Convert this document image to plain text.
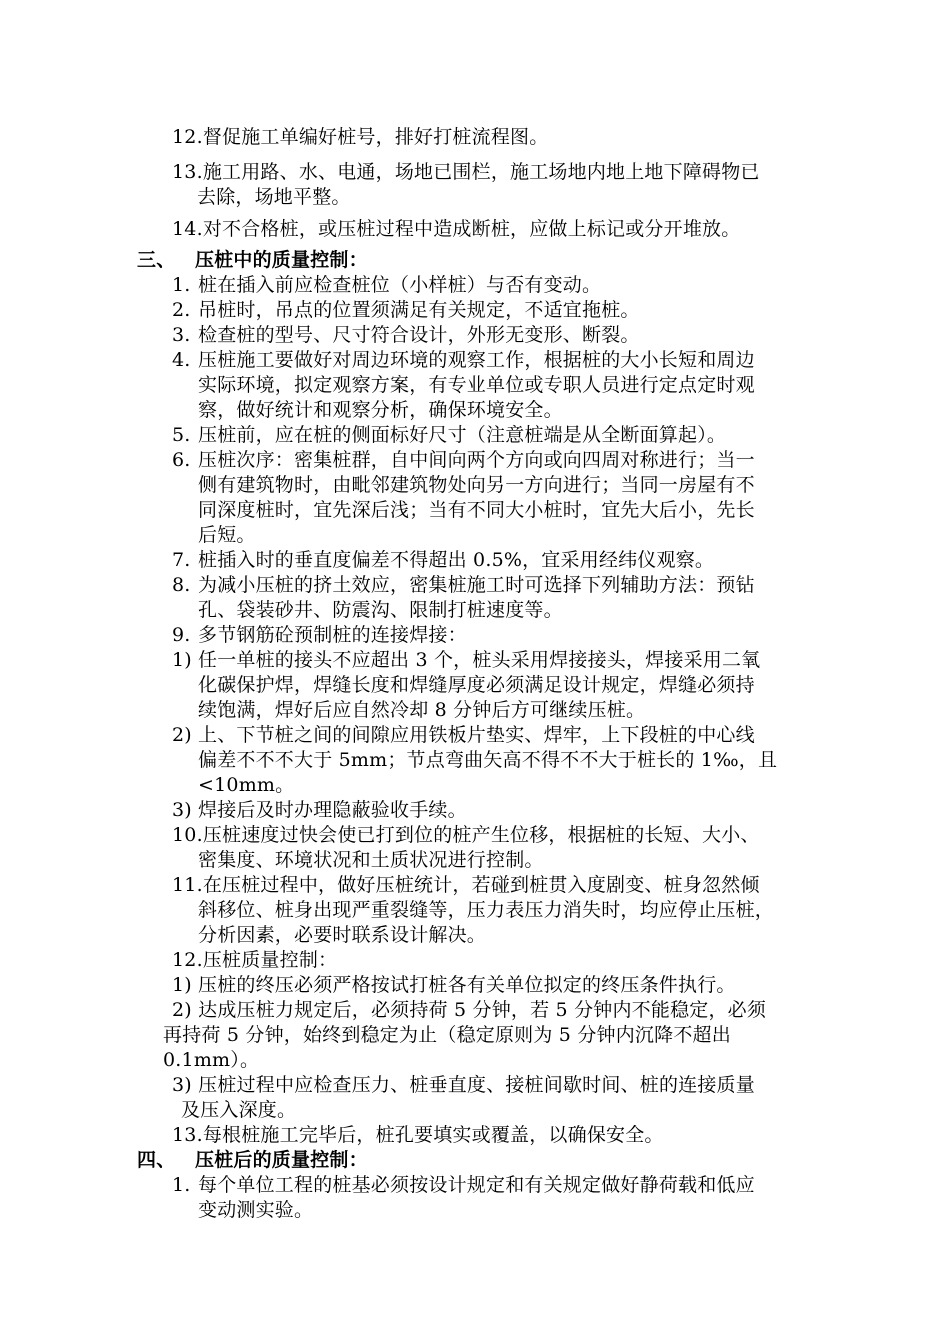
12.督促施工单编好桩号，排好打桩流程图。
13.施工用路、水、电通，场地已围栏，施工场地内地上地下障碍物已
去除，场地平整。
14.对不合格桩，或压桩过程中造成断桩，应做上标记或分开堆放。
三、 压桩中的质量控制：
1. 桩在插入前应检查桩位（小样桩）与否有变动。
2. 吊桩时，吊点的位置须满足有关规定，不适宜拖桩。
3. 检查桩的型号、尺寸符合设计，外形无变形、断裂。
4. 压桩施工要做好对周边环境的观察工作，根据桩的大小长短和周边
实际环境，拟定观察方案，有专业单位或专职人员进行定点定时观
察，做好统计和观察分析，确保环境安全。
5. 压桩前，应在桩的侧面标好尺寸（注意桩端是从全断面算起）。
6. 压桩次序：密集桩群，自中间向两个方向或向四周对称进行；当一
侧有建筑物时，由毗邻建筑物处向另一方向进行；当同一房屋有不
同深度桩时，宜先深后浅；当有不同大小桩时，宜先大后小，先长
后短。
7. 桩插入时的垂直度偏差不得超出 0.5%，宜采用经纬仪观察。
8. 为减小压桩的挤土效应，密集桩施工时可选择下列辅助方法：预钻
孔、袋装砂井、防震沟、限制打桩速度等。
9. 多节钢筋砼预制桩的连接焊接：
1) 任一单桩的接头不应超出 3 个，桩头采用焊接接头，焊接采用二氧
化碳保护焊，焊缝长度和焊缝厚度必须满足设计规定，焊缝必须持
续饱满，焊好后应自然冷却 8 分钟后方可继续压桩。
2) 上、下节桩之间的间隙应用铁板片垫实、焊牢，上下段桩的中心线
偏差不不不大于 5mm；节点弯曲矢高不得不不大于桩长的 1‰，且
<10mm。
3) 焊接后及时办理隐蔽验收手续。
10.压桩速度过快会使已打到位的桩产生位移，根据桩的长短、大小、
密集度、环境状况和土质状况进行控制。
11.在压桩过程中，做好压桩统计，若碰到桩贯入度剧变、桩身忽然倾
斜移位、桩身出现严重裂缝等，压力表压力消失时，均应停止压桩，
分析因素，必要时联系设计解决。
12.压桩质量控制：
1) 压桩的终压必须严格按试打桩各有关单位拟定的终压条件执行。
2) 达成压桩力规定后，必须持荷 5 分钟，若 5 分钟内不能稳定，必须
再持荷 5 分钟，始终到稳定为止（稳定原则为 5 分钟内沉降不超出
0.1mm）。
3) 压桩过程中应检查压力、桩垂直度、接桩间歇时间、桩的连接质量
及压入深度。
13.每根桩施工完毕后，桩孔要填实或覆盖，以确保安全。
四、 压桩后的质量控制：
1. 每个单位工程的桩基必须按设计规定和有关规定做好静荷载和低应
变动测实验。
